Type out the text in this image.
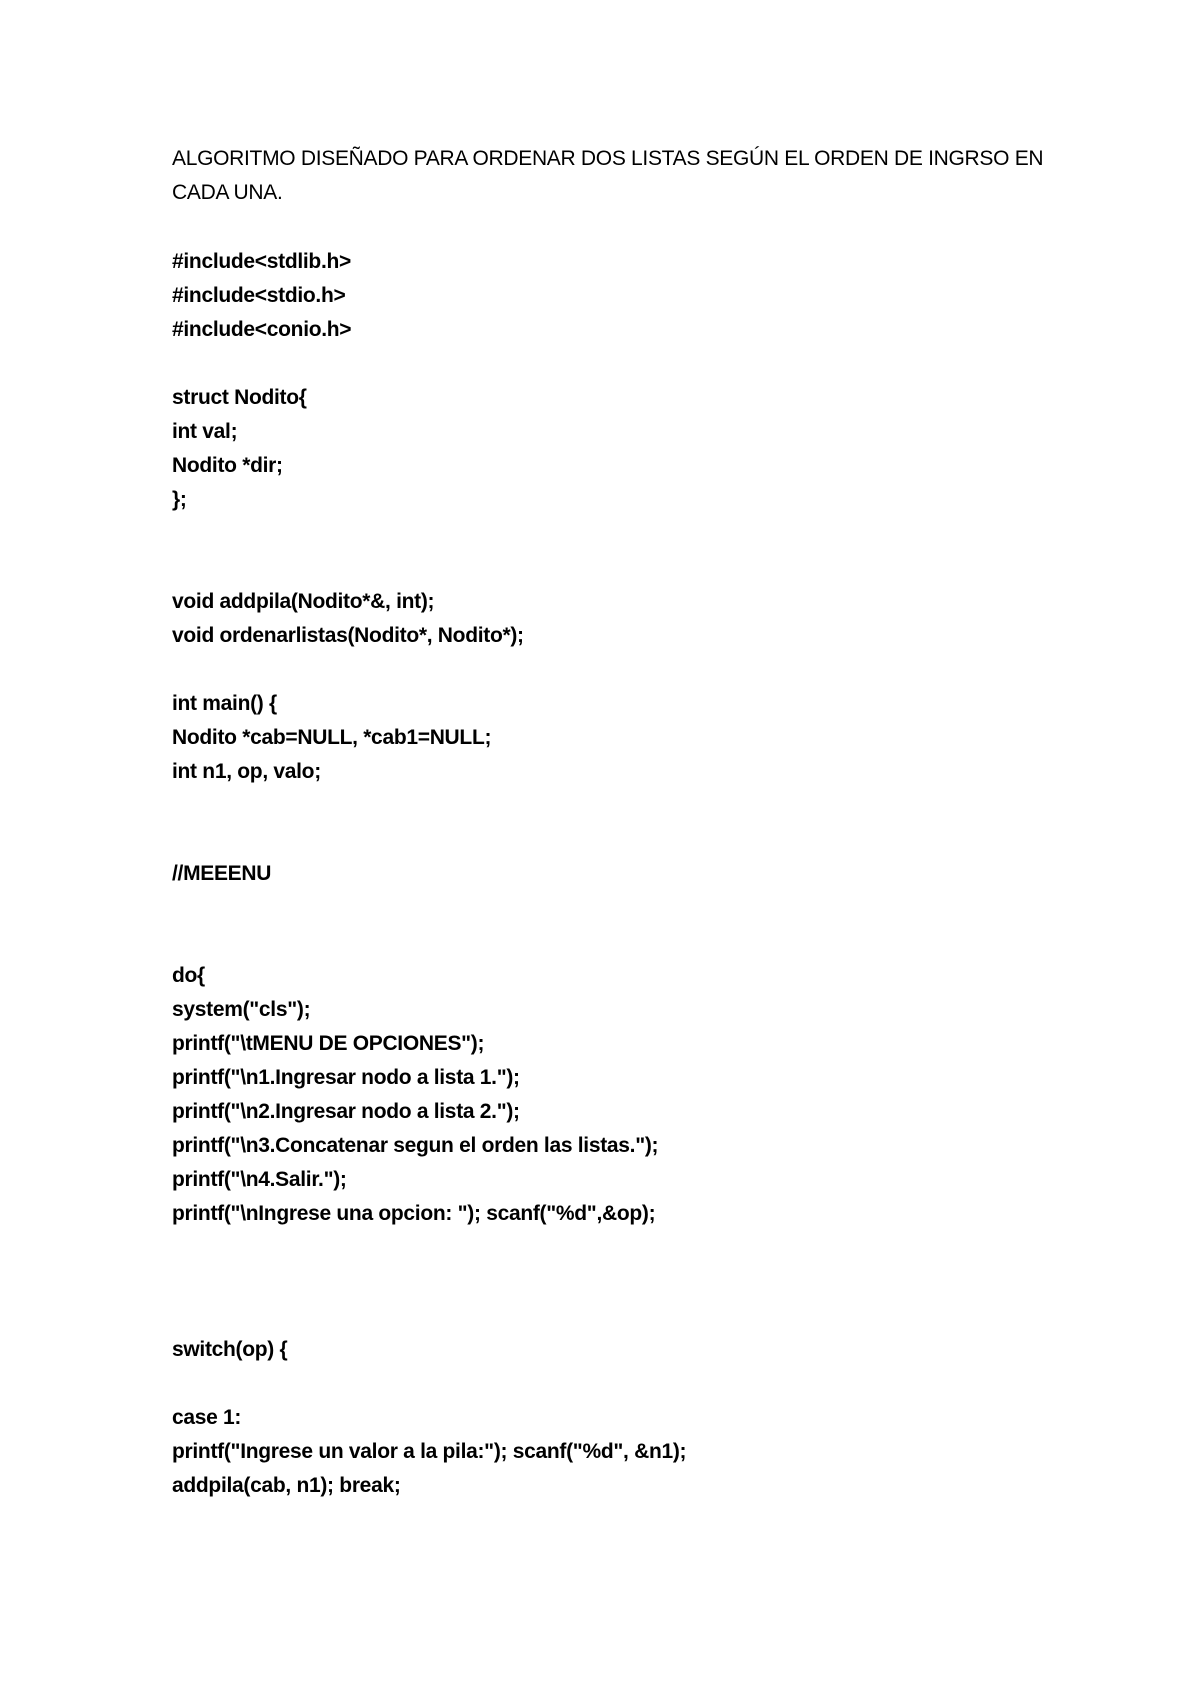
ALGORITMO DISEÑADO PARA ORDENAR DOS LISTAS SEGÚN EL ORDEN DE INGRSO EN CADA UNA.

#include<stdlib.h>

#include<stdio.h>

#include<conio.h>

struct Nodito{

int val;

Nodito *dir;

};

void addpila(Nodito*&, int);

void ordenarlistas(Nodito*, Nodito*);

int main() {

Nodito *cab=NULL, *cab1=NULL;

int n1, op, valo;

//MEEENU

do{

system("cls");

printf("\tMENU DE OPCIONES");

printf("\n1.Ingresar nodo a lista 1.");

printf("\n2.Ingresar nodo a lista 2.");

printf("\n3.Concatenar segun el orden las listas.");

printf("\n4.Salir.");

printf("\nIngrese una opcion: "); scanf("%d",&op);

switch(op) {

case 1:

printf("Ingrese un valor a la pila:"); scanf("%d", &n1);

addpila(cab, n1); break;
